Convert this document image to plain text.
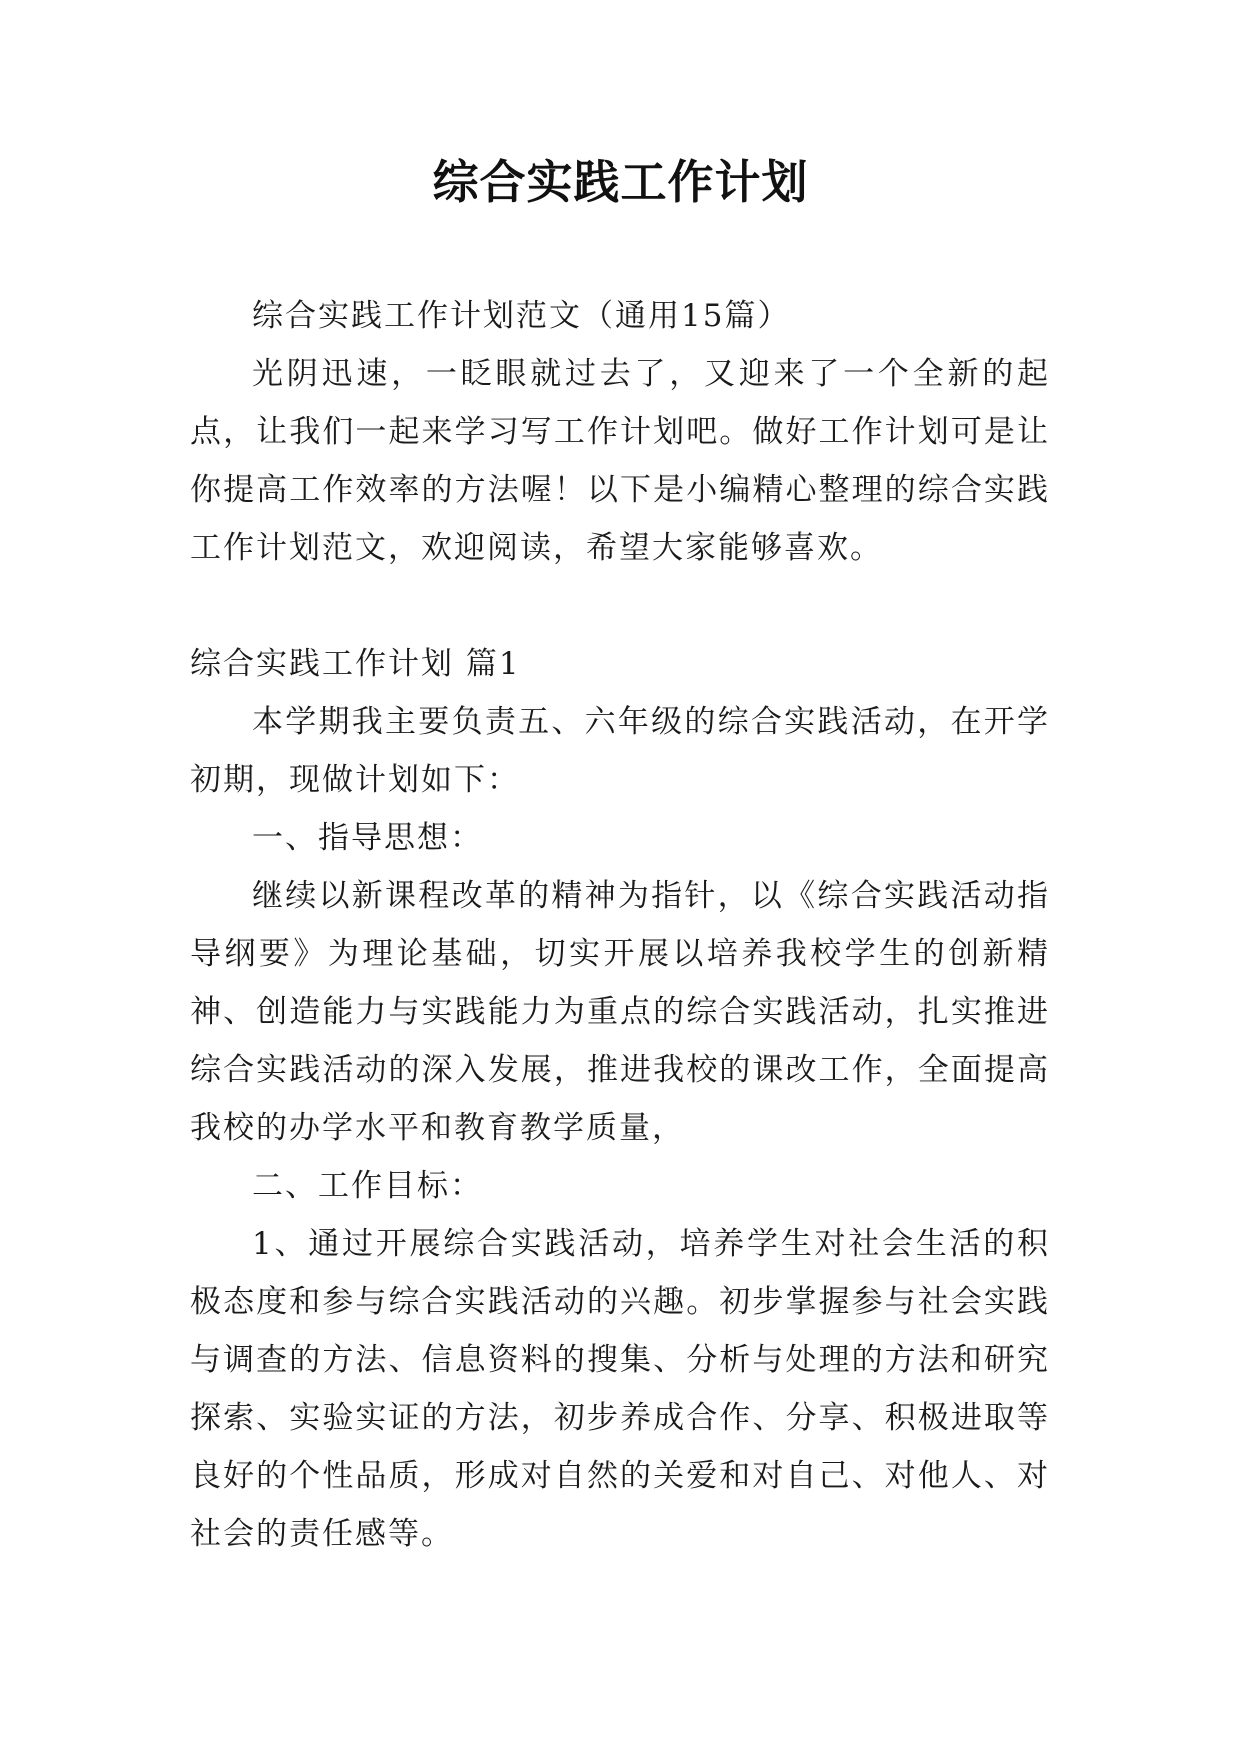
综合实践工作计划

综合实践工作计划范文（通用15篇）

光阴迅速，一眨眼就过去了，又迎来了一个全新的起点，让我们一起来学习写工作计划吧。做好工作计划可是让你提高工作效率的方法喔！以下是小编精心整理的综合实践工作计划范文，欢迎阅读，希望大家能够喜欢。

综合实践工作计划 篇1

本学期我主要负责五、六年级的综合实践活动，在开学初期，现做计划如下：

一、指导思想：

继续以新课程改革的精神为指针，以《综合实践活动指导纲要》为理论基础，切实开展以培养我校学生的创新精神、创造能力与实践能力为重点的综合实践活动，扎实推进综合实践活动的深入发展，推进我校的课改工作，全面提高我校的办学水平和教育教学质量，

二、工作目标：

1、通过开展综合实践活动，培养学生对社会生活的积极态度和参与综合实践活动的兴趣。初步掌握参与社会实践与调查的方法、信息资料的搜集、分析与处理的方法和研究探索、实验实证的方法，初步养成合作、分享、积极进取等良好的个性品质，形成对自然的关爱和对自己、对他人、对社会的责任感等。
